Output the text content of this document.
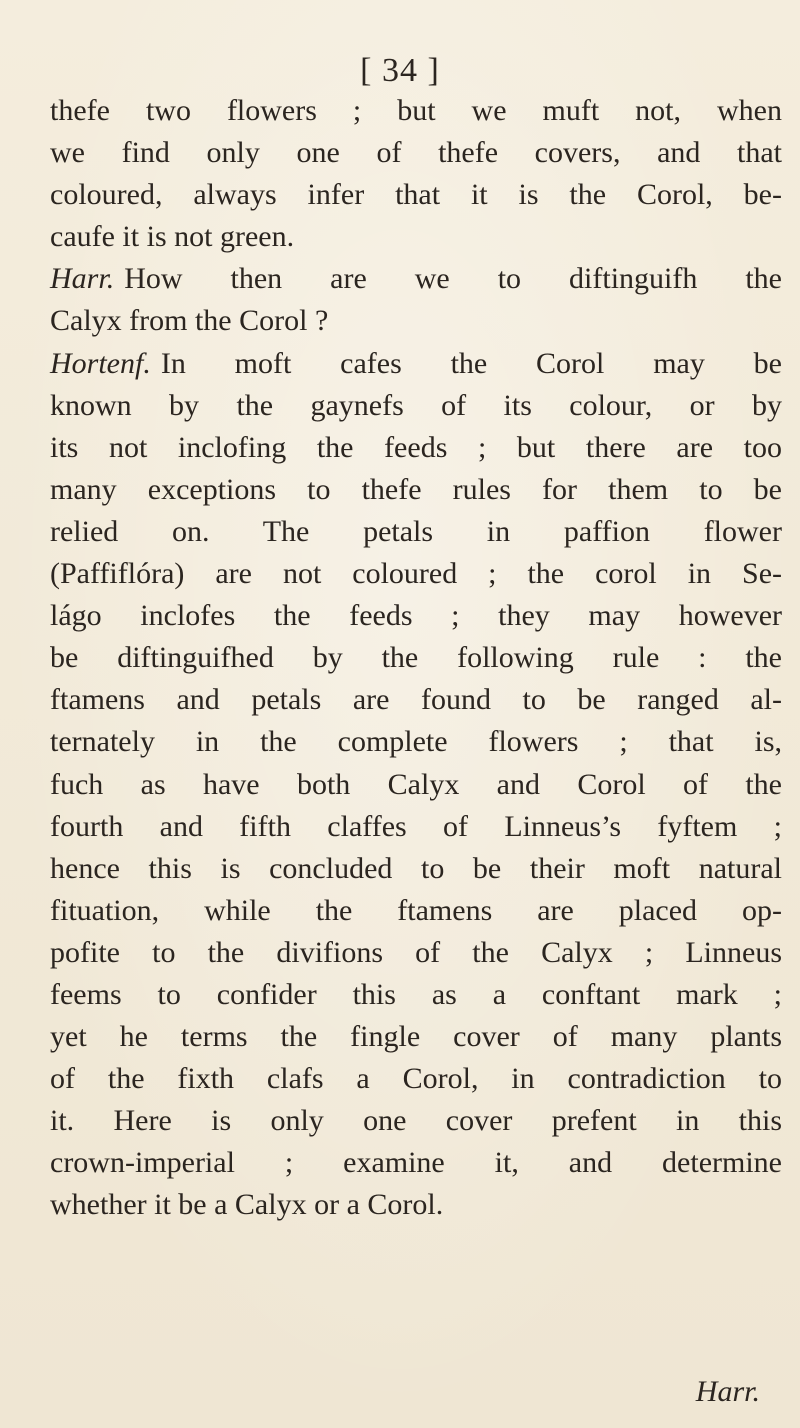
[ 34 ]
thefe two flowers ; but we muft not, when
we find only one of thefe covers, and that
coloured, always infer that it is the Corol, be-
caufe it is not green.
Harr. How then are we to diftinguifh the
Calyx from the Corol ?
Hortenf. In moft cafes the Corol may be
known by the gaynefs of its colour, or by
its not inclofing the feeds ; but there are too
many exceptions to thefe rules for them to be
relied on. The petals in paffion flower
(Paffiflóra) are not coloured ; the corol in Se-
lágo inclofes the feeds ; they may however
be diftinguifhed by the following rule : the
ftamens and petals are found to be ranged al-
ternately in the complete flowers ; that is,
fuch as have both Calyx and Corol of the
fourth and fifth claffes of Linneus’s fyftem ;
hence this is concluded to be their moft natural
fituation, while the ftamens are placed op-
pofite to the divifions of the Calyx ; Linneus
feems to confider this as a conftant mark ;
yet he terms the fingle cover of many plants
of the fixth clafs a Corol, in contradiction to
it. Here is only one cover prefent in this
crown-imperial ; examine it, and determine
whether it be a Calyx or a Corol.
Harr.
